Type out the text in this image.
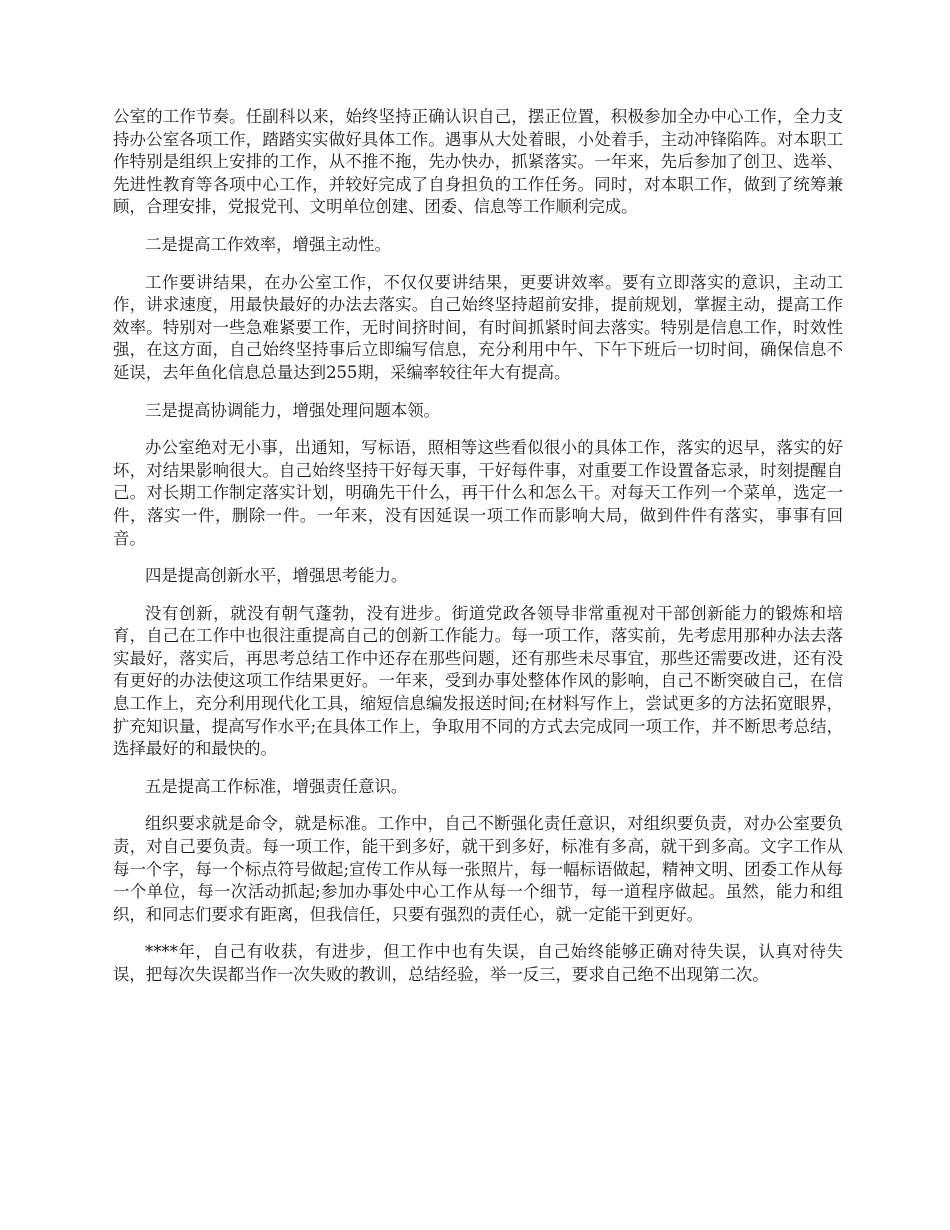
公室的工作节奏。任副科以来，始终坚持正确认识自己，摆正位置，积极参加全办中心工作，全力支持办公室各项工作，踏踏实实做好具体工作。遇事从大处着眼，小处着手，主动冲锋陷阵。对本职工作特别是组织上安排的工作，从不推不拖，先办快办，抓紧落实。一年来，先后参加了创卫、选举、先进性教育等各项中心工作，并较好完成了自身担负的工作任务。同时，对本职工作，做到了统筹兼顾，合理安排，党报党刊、文明单位创建、团委、信息等工作顺利完成。

二是提高工作效率，增强主动性。

工作要讲结果，在办公室工作，不仅仅要讲结果，更要讲效率。要有立即落实的意识，主动工作，讲求速度，用最快最好的办法去落实。自己始终坚持超前安排，提前规划，掌握主动，提高工作效率。特别对一些急难紧要工作，无时间挤时间，有时间抓紧时间去落实。特别是信息工作，时效性强，在这方面，自己始终坚持事后立即编写信息，充分利用中午、下午下班后一切时间，确保信息不延误，去年鱼化信息总量达到255期，采编率较往年大有提高。

三是提高协调能力，增强处理问题本领。

办公室绝对无小事，出通知，写标语，照相等这些看似很小的具体工作，落实的迟早，落实的好坏，对结果影响很大。自己始终坚持干好每天事，干好每件事，对重要工作设置备忘录，时刻提醒自己。对长期工作制定落实计划，明确先干什么，再干什么和怎么干。对每天工作列一个菜单，选定一件，落实一件，删除一件。一年来，没有因延误一项工作而影响大局，做到件件有落实，事事有回音。

四是提高创新水平，增强思考能力。

没有创新，就没有朝气蓬勃，没有进步。街道党政各领导非常重视对干部创新能力的锻炼和培育，自己在工作中也很注重提高自己的创新工作能力。每一项工作，落实前，先考虑用那种办法去落实最好，落实后，再思考总结工作中还存在那些问题，还有那些未尽事宜，那些还需要改进，还有没有更好的办法使这项工作结果更好。一年来，受到办事处整体作风的影响，自己不断突破自己，在信息工作上，充分利用现代化工具，缩短信息编发报送时间;在材料写作上，尝试更多的方法拓宽眼界，扩充知识量，提高写作水平;在具体工作上，争取用不同的方式去完成同一项工作，并不断思考总结，选择最好的和最快的。

五是提高工作标准，增强责任意识。

组织要求就是命令，就是标准。工作中，自己不断强化责任意识，对组织要负责，对办公室要负责，对自己要负责。每一项工作，能干到多好，就干到多好，标准有多高，就干到多高。文字工作从每一个字，每一个标点符号做起;宣传工作从每一张照片，每一幅标语做起，精神文明、团委工作从每一个单位，每一次活动抓起;参加办事处中心工作从每一个细节，每一道程序做起。虽然，能力和组织，和同志们要求有距离，但我信任，只要有强烈的责任心，就一定能干到更好。

****年，自己有收获，有进步，但工作中也有失误，自己始终能够正确对待失误，认真对待失误，把每次失误都当作一次失败的教训，总结经验，举一反三，要求自己绝不出现第二次。
